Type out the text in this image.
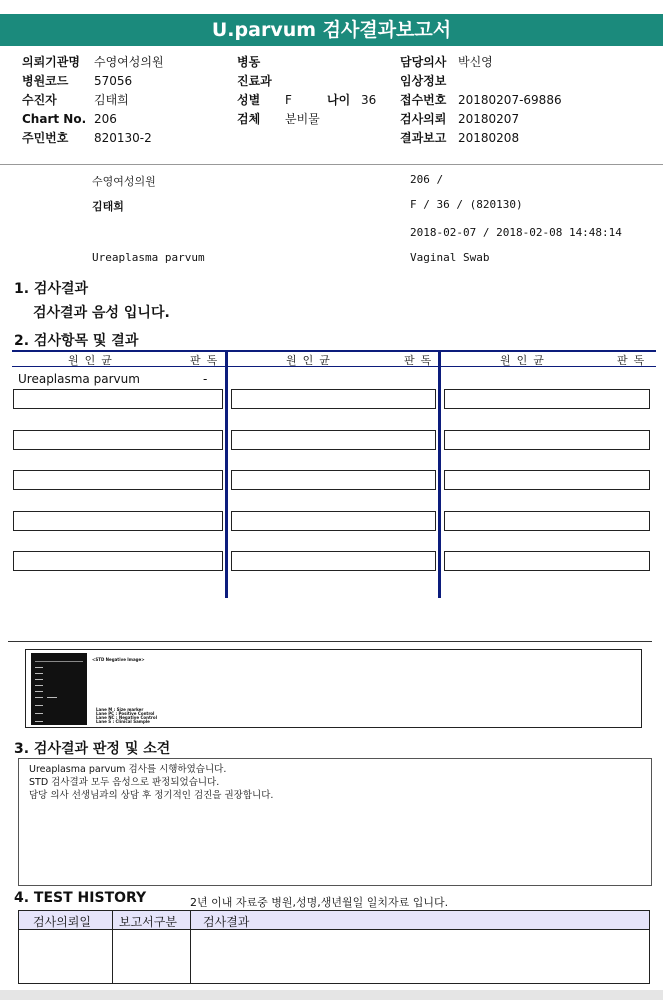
U.parvum 검사결과보고서
의뢰기관명 수영여성의원
병원코드 57056
수진자	김태희
Chart No. 206
주민번호 820130-2
병동
진료과
성별 F	나이 36
검체 분비물
담당의사 박신영
임상정보
접수번호 20180207-69886
검사의뢰 20180207
결과보고 20180208
수영여성의원	206 /
김태희	F / 36 / (820130)
2018-02-07 / 2018-02-08 14:48:14
Ureaplasma parvum	Vaginal Swab
1. 검사결과
검사결과 음성 입니다.
2. 검사항목 및 결과
원인균	판독	원인균	판독	원인균	판독
Ureaplasma parvum	-
<STD Negative Image>
Lane M : Size marker
Lane PC : Positive Control
Lane NC : Negative Control
Lane S : Clinical Sample
3. 검사결과 판정 및 소견
Ureaplasma parvum 검사를 시행하였습니다.
STD 검사결과 모두 음성으로 판정되었습니다.
담당 의사 선생님과의 상담 후 정기적인 검진을 권장합니다.
4. TEST HISTORY	2년 이내 자료중 병원,성명,생년월일 일치자료 입니다.
검사의뢰일 보고서구분 검사결과
